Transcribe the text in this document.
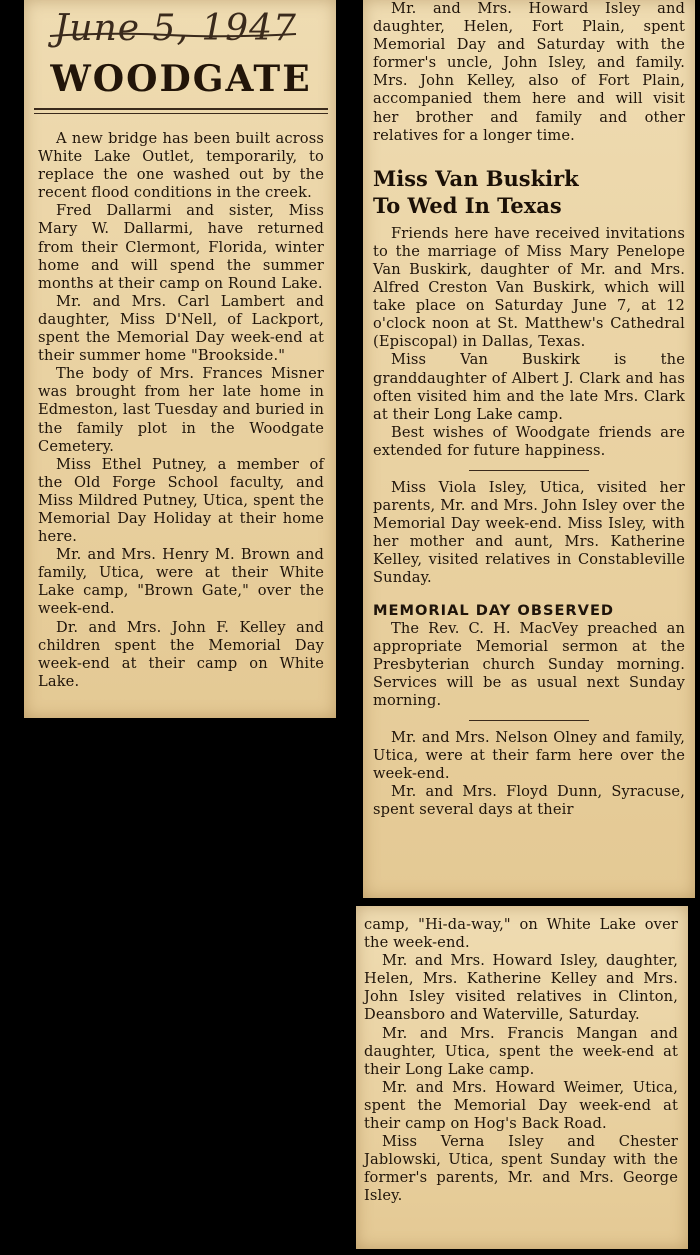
June 5, 1947
WOODGATE

A new bridge has been built across White Lake Outlet, temporarily, to replace the one washed out by the recent flood conditions in the creek.

Fred Dallarmi and sister, Miss Mary W. Dallarmi, have returned from their Clermont, Florida, winter home and will spend the summer months at their camp on Round Lake.

Mr. and Mrs. Carl Lambert and daughter, Miss D'Nell, of Lackport, spent the Memorial Day week-end at their summer home "Brookside."

The body of Mrs. Frances Misner was brought from her late home in Edmeston, last Tuesday and buried in the family plot in the Woodgate Cemetery.

Miss Ethel Putney, a member of the Old Forge School faculty, and Miss Mildred Putney, Utica, spent the Memorial Day Holiday at their home here.

Mr. and Mrs. Henry M. Brown and family, Utica, were at their White Lake camp, "Brown Gate," over the week-end.

Dr. and Mrs. John F. Kelley and children spent the Memorial Day week-end at their camp on White Lake.

Mr. and Mrs. Howard Isley and daughter, Helen, Fort Plain, spent Memorial Day and Saturday with the former's uncle, John Isley, and family. Mrs. John Kelley, also of Fort Plain, accompanied them here and will visit her brother and family and other relatives for a longer time.

Miss Van Buskirk

To Wed In Texas

Friends here have received invitations to the marriage of Miss Mary Penelope Van Buskirk, daughter of Mr. and Mrs. Alfred Creston Van Buskirk, which will take place on Saturday June 7, at 12 o'clock noon at St. Matthew's Cathedral (Episcopal) in Dallas, Texas.

Miss Van Buskirk is the granddaughter of Albert J. Clark and has often visited him and the late Mrs. Clark at their Long Lake camp.

Best wishes of Woodgate friends are extended for future happiness.

Miss Viola Isley, Utica, visited her parents, Mr. and Mrs. John Isley over the Memorial Day week-end. Miss Isley, with her mother and aunt, Mrs. Katherine Kelley, visited relatives in Constableville Sunday.

MEMORIAL DAY OBSERVED

The Rev. C. H. MacVey preached an appropriate Memorial sermon at the Presbyterian church Sunday morning. Services will be as usual next Sunday morning.

Mr. and Mrs. Nelson Olney and family, Utica, were at their farm here over the week-end.

Mr. and Mrs. Floyd Dunn, Syracuse, spent several days at their

camp, "Hi-da-way," on White Lake over the week-end.

Mr. and Mrs. Howard Isley, daughter, Helen, Mrs. Katherine Kelley and Mrs. John Isley visited relatives in Clinton, Deansboro and Waterville, Saturday.

Mr. and Mrs. Francis Mangan and daughter, Utica, spent the week-end at their Long Lake camp.

Mr. and Mrs. Howard Weimer, Utica, spent the Memorial Day week-end at their camp on Hog's Back Road.

Miss Verna Isley and Chester Jablowski, Utica, spent Sunday with the former's parents, Mr. and Mrs. George Isley.
